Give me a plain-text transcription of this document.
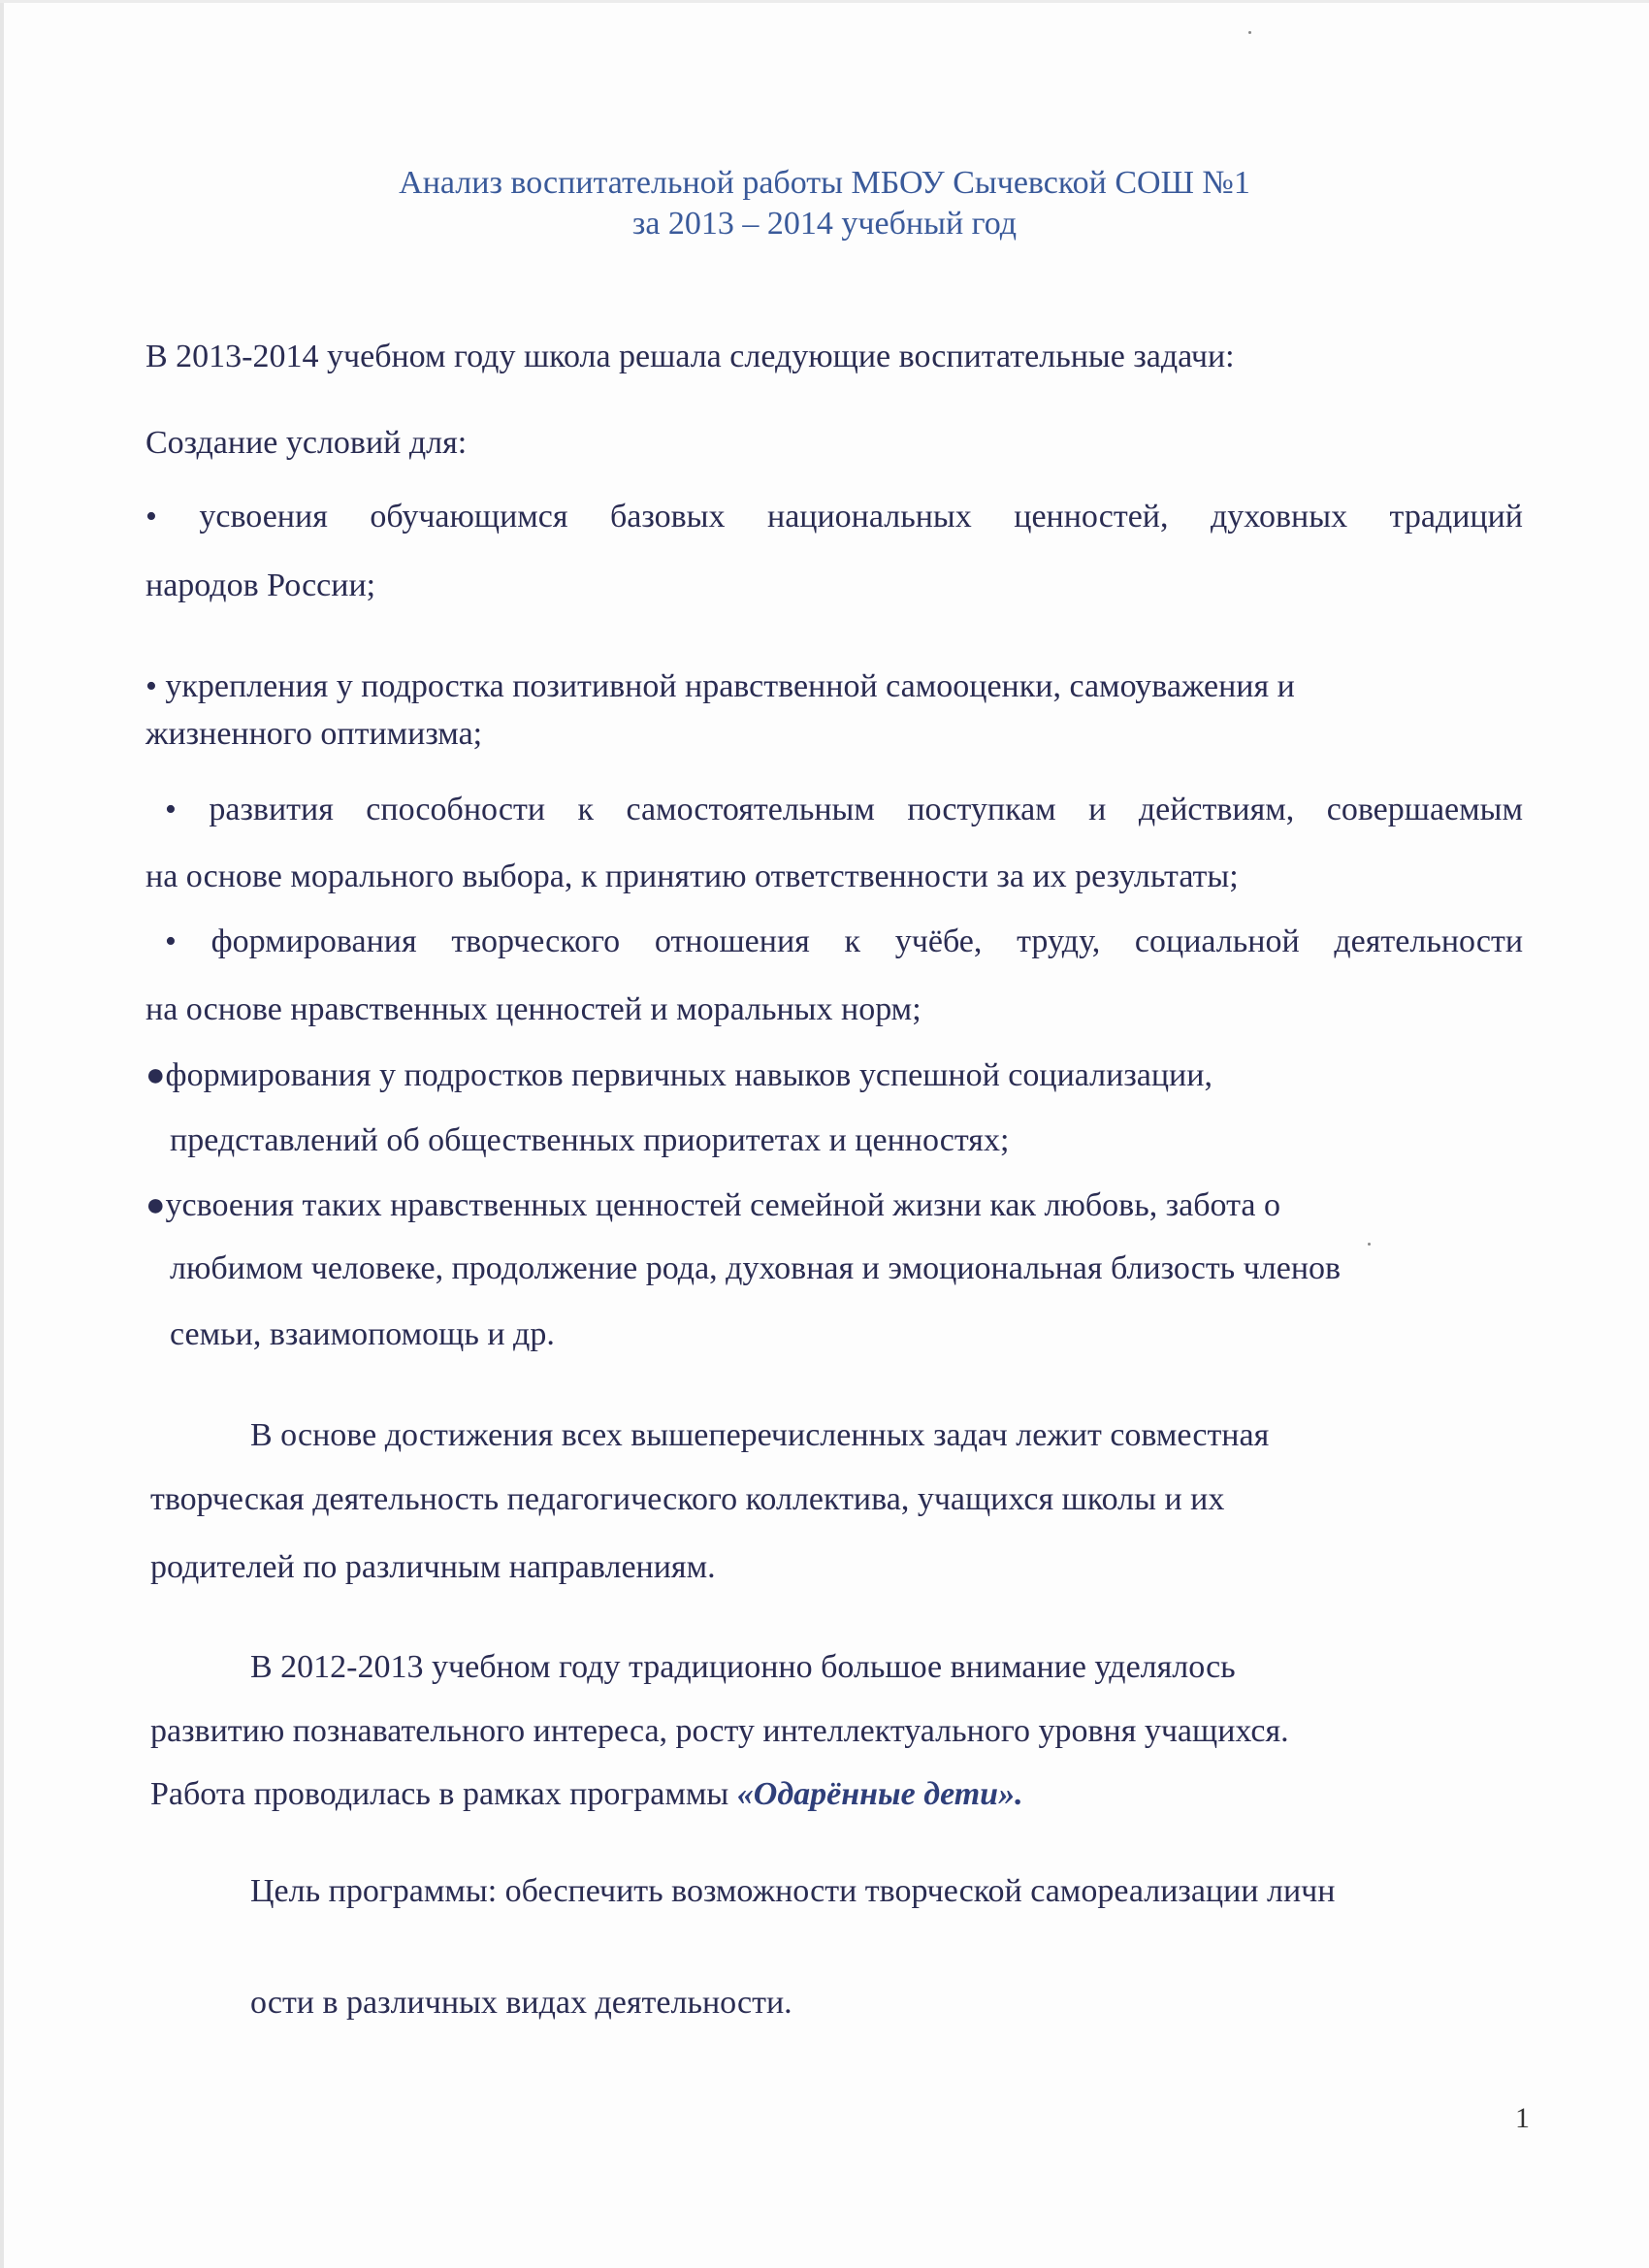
Анализ воспитательной работы МБОУ Сычевской СОШ №1
за 2013 – 2014 учебный год
В 2013-2014 учебном году школа решала следующие воспитательные задачи:
Создание условий для:
• усвоения обучающимся базовых национальных ценностей, духовных традиций
народов России;
• укрепления у подростка позитивной нравственной самооценки, самоуважения и
жизненного оптимизма;
• развития способности к самостоятельным поступкам и действиям, совершаемым
на основе морального выбора, к принятию ответственности за их результаты;
• формирования творческого отношения к учёбе, труду, социальной деятельности
на основе нравственных ценностей и моральных норм;
●формирования у подростков первичных навыков успешной социализации,
представлений об общественных приоритетах и ценностях;
●усвоения таких нравственных ценностей семейной жизни как любовь, забота о
любимом человеке, продолжение рода, духовная и эмоциональная близость членов
семьи, взаимопомощь и др.
В основе достижения всех вышеперечисленных задач лежит совместная
творческая деятельность педагогического коллектива, учащихся школы и их
родителей по различным направлениям.
В 2012-2013 учебном году традиционно большое внимание уделялось
развитию познавательного интереса, росту интеллектуального уровня учащихся.
Работа проводилась в рамках программы «Одарённые дети».
Цель программы: обеспечить возможности творческой самореализации личн
ости в различных видах деятельности.
1
